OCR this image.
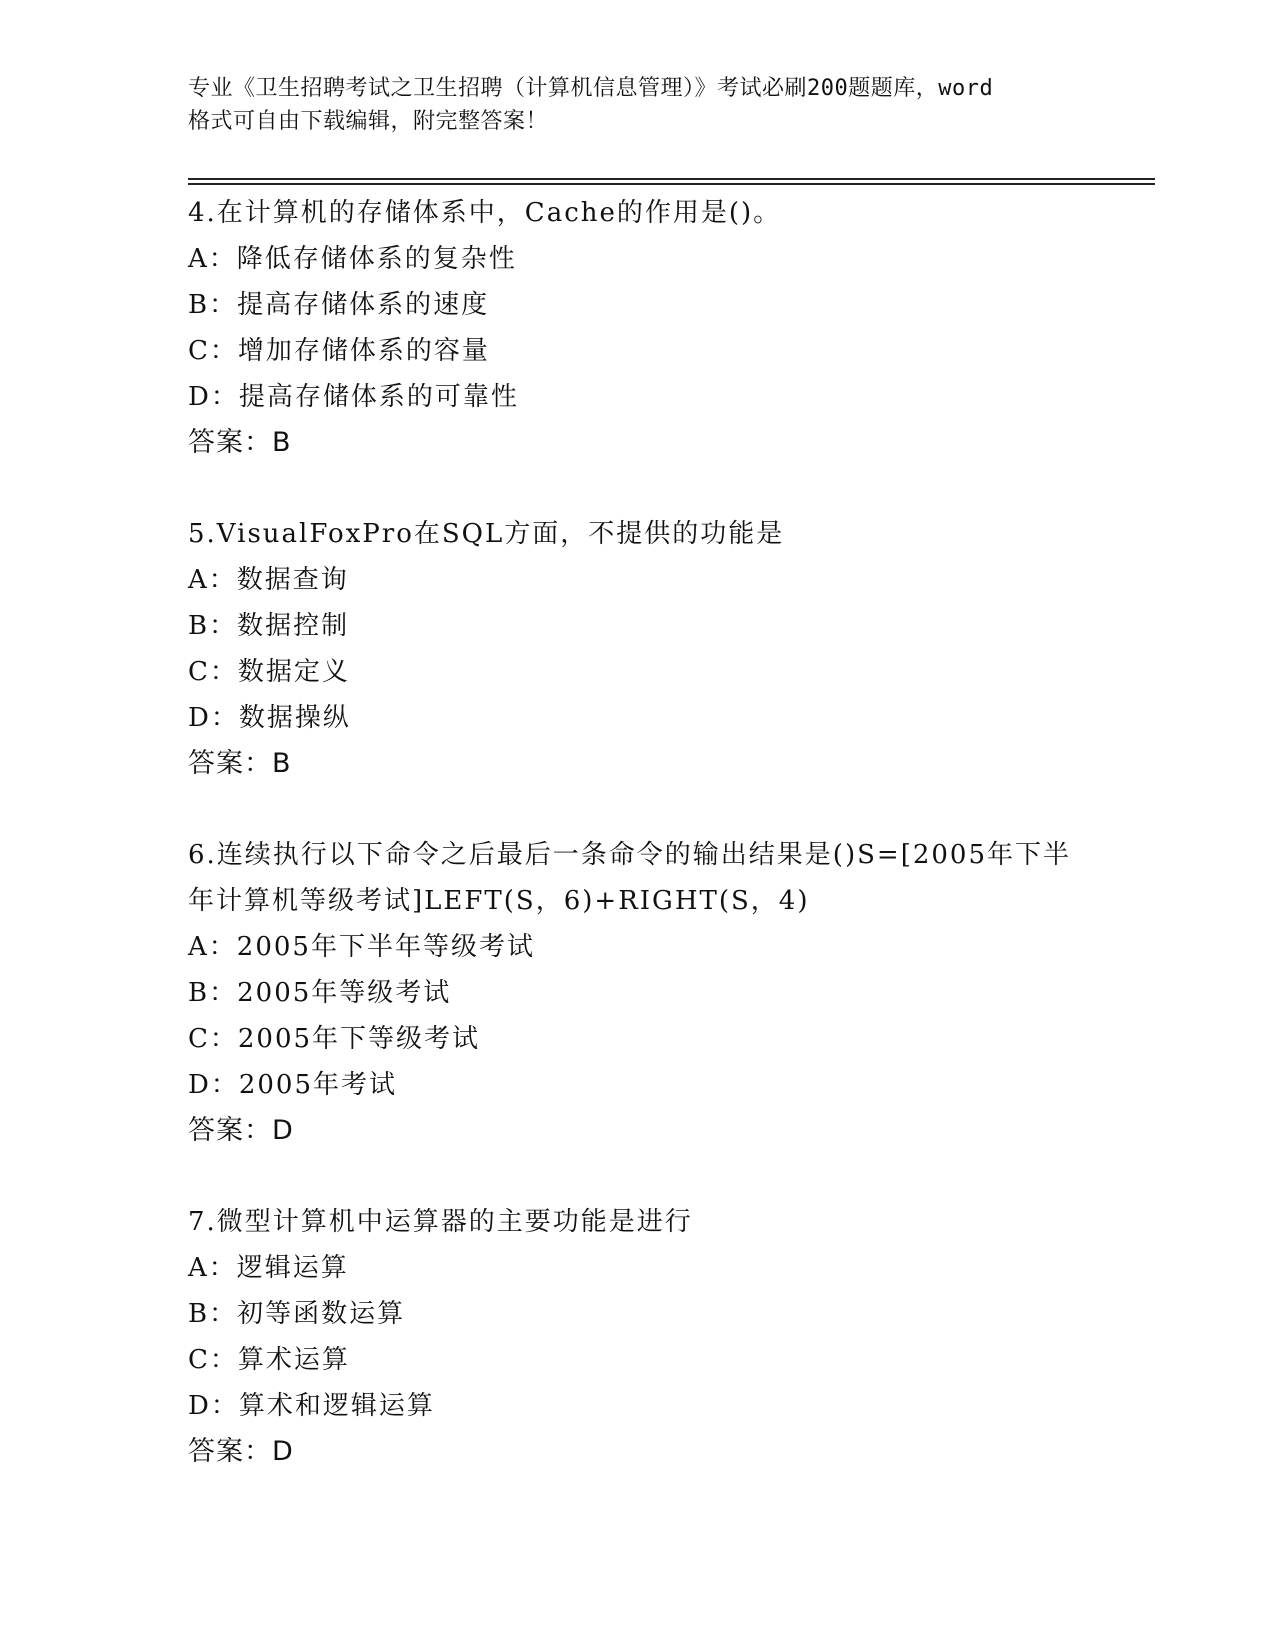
专业《卫生招聘考试之卫生招聘（计算机信息管理）》考试必刷200题题库，word
格式可自由下载编辑，附完整答案！
4.在计算机的存储体系中，Cache的作用是()。
A：降低存储体系的复杂性
B：提高存储体系的速度
C：增加存储体系的容量
D：提高存储体系的可靠性
答案：B
5.VisualFoxPro在SQL方面，不提供的功能是
A：数据查询
B：数据控制
C：数据定义
D：数据操纵
答案：B
6.连续执行以下命令之后最后一条命令的输出结果是()S=[2005年下半
年计算机等级考试]LEFT(S，6)+RIGHT(S，4)
A：2005年下半年等级考试
B：2005年等级考试
C：2005年下等级考试
D：2005年考试
答案：D
7.微型计算机中运算器的主要功能是进行
A：逻辑运算
B：初等函数运算
C：算术运算
D：算术和逻辑运算
答案：D
